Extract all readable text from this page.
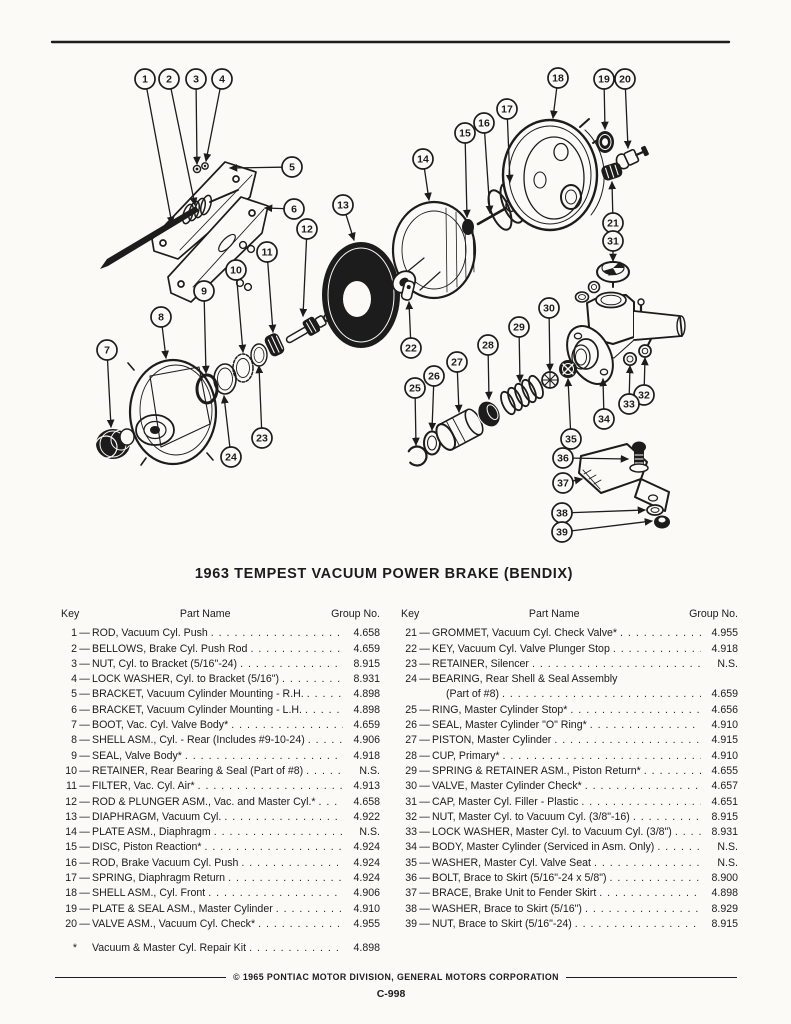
1 2 3 4
5
6
7
8
9
10
11
12
13
14
15
16
17
18	19 20
21
22
23
24
25
26
27
28
29
30
31
32
33
34
35
36
37
38
39
1963 TEMPEST VACUUM POWER BRAKE (BENDIX)
Key	Part Name	Group No.
1 — ROD, Vacuum Cyl. Push . . .	4.658
2 — BELLOWS, Brake Cyl. Push Rod . . .	4.659
3 — NUT, Cyl. to Bracket (5/16"-24) . . .	8.915
4 — LOCK WASHER, Cyl. to Bracket (5/16") . . .	8.931
5 — BRACKET, Vacuum Cylinder Mounting - R.H. . . .	4.898
6 — BRACKET, Vacuum Cylinder Mounting - L.H. . . .	4.898
7 — BOOT, Vac. Cyl. Valve Body* . . .	4.659
8 — SHELL ASM., Cyl. - Rear (Includes #9-10-24) . . .	4.906
9 — SEAL, Valve Body* . . .	4.918
10 — RETAINER, Rear Bearing & Seal (Part of #8) . . .	N.S.
11 — FILTER, Vac. Cyl. Air* . . .	4.913
12 — ROD & PLUNGER ASM., Vac. and Master Cyl.* . . .	4.658
13 — DIAPHRAGM, Vacuum Cyl. . . .	4.922
14 — PLATE ASM., Diaphragm . . .	N.S.
15 — DISC, Piston Reaction* . . .	4.924
16 — ROD, Brake Vacuum Cyl. Push . . .	4.924
17 — SPRING, Diaphragm Return . . .	4.924
18 — SHELL ASM., Cyl. Front . . .	4.906
19 — PLATE & SEAL ASM., Master Cylinder . . .	4.910
20 — VALVE ASM., Vacuum Cyl. Check* . . .	4.955
* Vacuum & Master Cyl. Repair Kit . . .	4.898
Key	Part Name	Group No.
21 — GROMMET, Vacuum Cyl. Check Valve* . . .	4.955
22 — KEY, Vacuum Cyl. Valve Plunger Stop . . .	4.918
23 — RETAINER, Silencer . . .	N.S.
24 — BEARING, Rear Shell & Seal Assembly
(Part of #8) . . .	4.659
25 — RING, Master Cylinder Stop* . . .	4.656
26 — SEAL, Master Cylinder "O" Ring* . . .	4.910
27 — PISTON, Master Cylinder . . .	4.915
28 — CUP, Primary* . . .	4.910
29 — SPRING & RETAINER ASM., Piston Return* . . .	4.655
30 — VALVE, Master Cylinder Check* . . .	4.657
31 — CAP, Master Cyl. Filler - Plastic . . .	4.651
32 — NUT, Master Cyl. to Vacuum Cyl. (3/8"-16) . . .	8.915
33 — LOCK WASHER, Master Cyl. to Vacuum Cyl. (3/8") . . .	8.931
34 — BODY, Master Cylinder (Serviced in Asm. Only) . . .	N.S.
35 — WASHER, Master Cyl. Valve Seat . . .	N.S.
36 — BOLT, Brace to Skirt (5/16"-24 x 5/8") . . .	8.900
37 — BRACE, Brake Unit to Fender Skirt . . .	4.898
38 — WASHER, Brace to Skirt (5/16") . . .	8.929
39 — NUT, Brace to Skirt (5/16"-24) . . .	8.915
© 1965 PONTIAC MOTOR DIVISION, GENERAL MOTORS CORPORATION
C-998
